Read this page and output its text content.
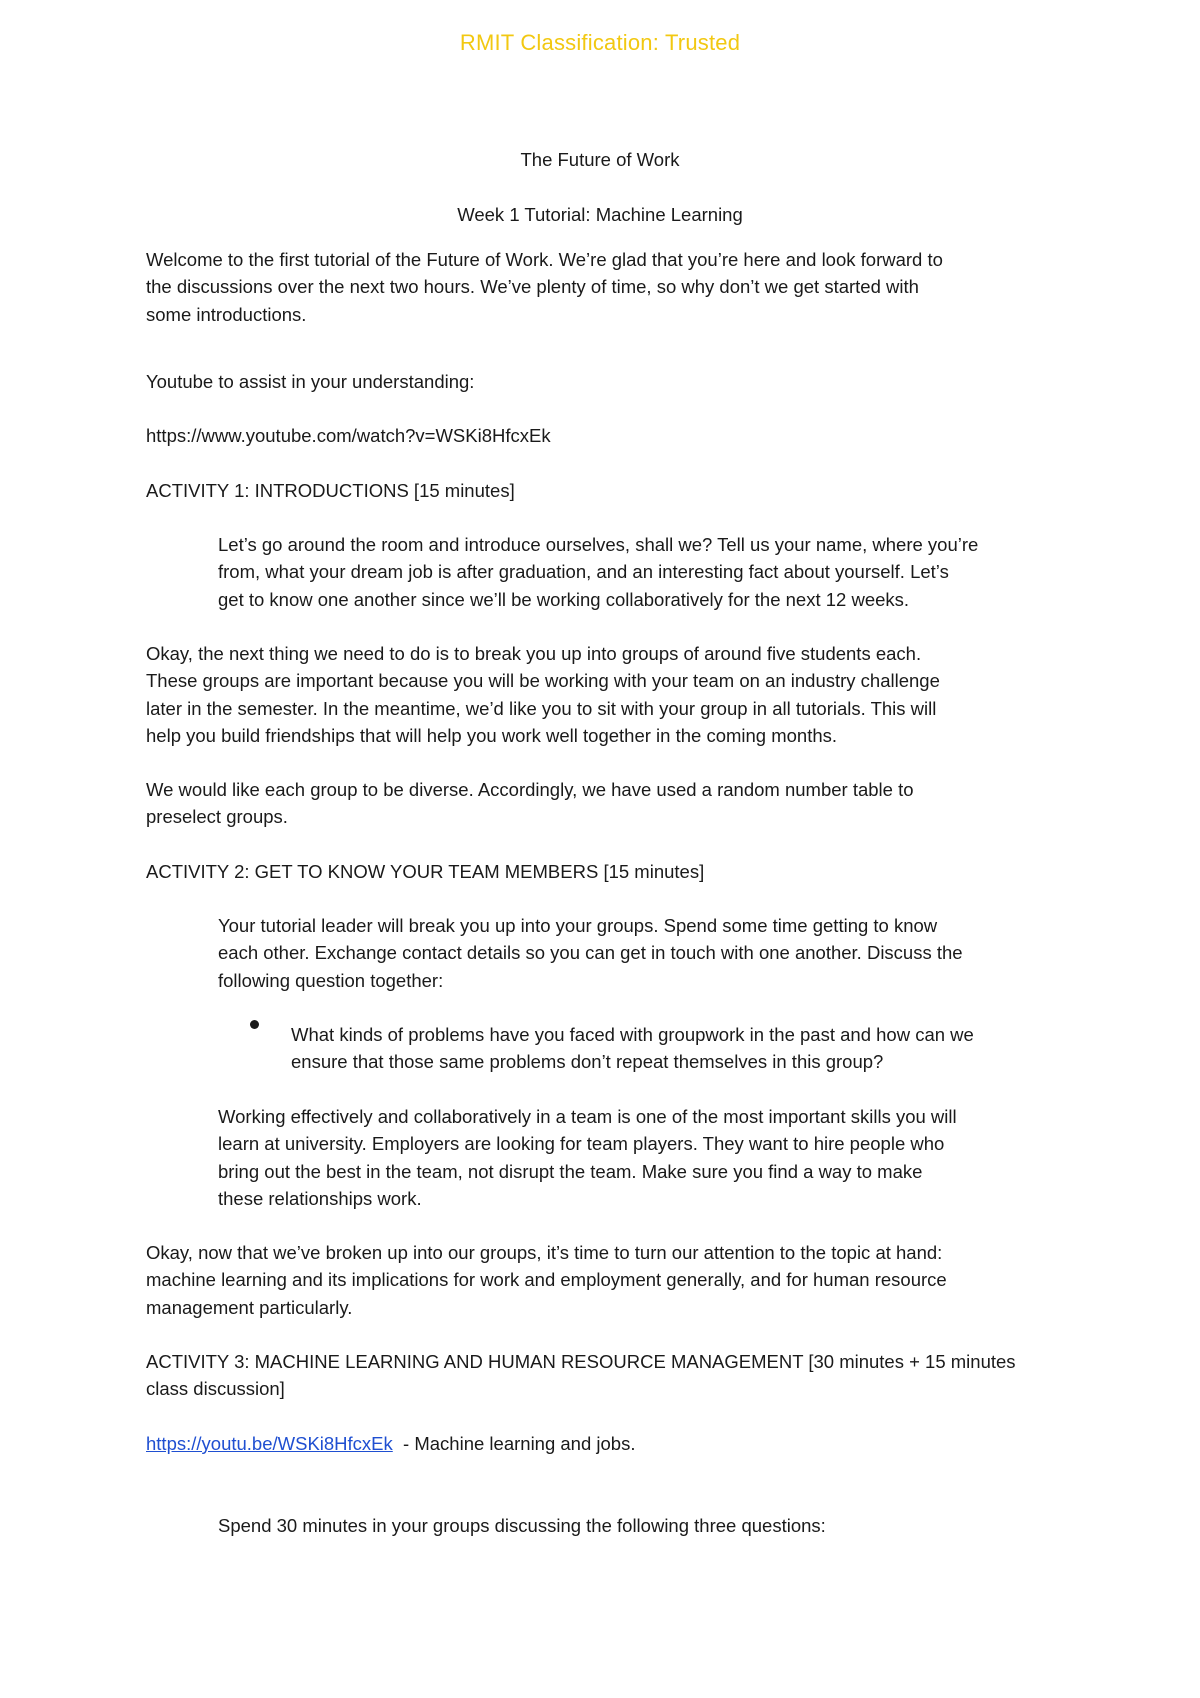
RMIT Classification: Trusted
The Future of Work
Week 1 Tutorial: Machine Learning
Welcome to the first tutorial of the Future of Work. We’re glad that you’re here and look forward to
the discussions over the next two hours. We’ve plenty of time, so why don’t we get started with
some introductions.
Youtube to assist in your understanding:
https://www.youtube.com/watch?v=WSKi8HfcxEk
ACTIVITY 1: INTRODUCTIONS [15 minutes]
Let’s go around the room and introduce ourselves, shall we? Tell us your name, where you’re
from, what your dream job is after graduation, and an interesting fact about yourself. Let’s
get to know one another since we’ll be working collaboratively for the next 12 weeks.
Okay, the next thing we need to do is to break you up into groups of around five students each.
These groups are important because you will be working with your team on an industry challenge
later in the semester. In the meantime, we’d like you to sit with your group in all tutorials. This will
help you build friendships that will help you work well together in the coming months.
We would like each group to be diverse. Accordingly, we have used a random number table to
preselect groups.
ACTIVITY 2: GET TO KNOW YOUR TEAM MEMBERS [15 minutes]
Your tutorial leader will break you up into your groups. Spend some time getting to know
each other. Exchange contact details so you can get in touch with one another. Discuss the
following question together:
What kinds of problems have you faced with groupwork in the past and how can we
ensure that those same problems don’t repeat themselves in this group?
Working effectively and collaboratively in a team is one of the most important skills you will
learn at university. Employers are looking for team players. They want to hire people who
bring out the best in the team, not disrupt the team. Make sure you find a way to make
these relationships work.
Okay, now that we’ve broken up into our groups, it’s time to turn our attention to the topic at hand:
machine learning and its implications for work and employment generally, and for human resource
management particularly.
ACTIVITY 3: MACHINE LEARNING AND HUMAN RESOURCE MANAGEMENT [30 minutes + 15 minutes
class discussion]
https://youtu.be/WSKi8HfcxEk  - Machine learning and jobs.
Spend 30 minutes in your groups discussing the following three questions:
